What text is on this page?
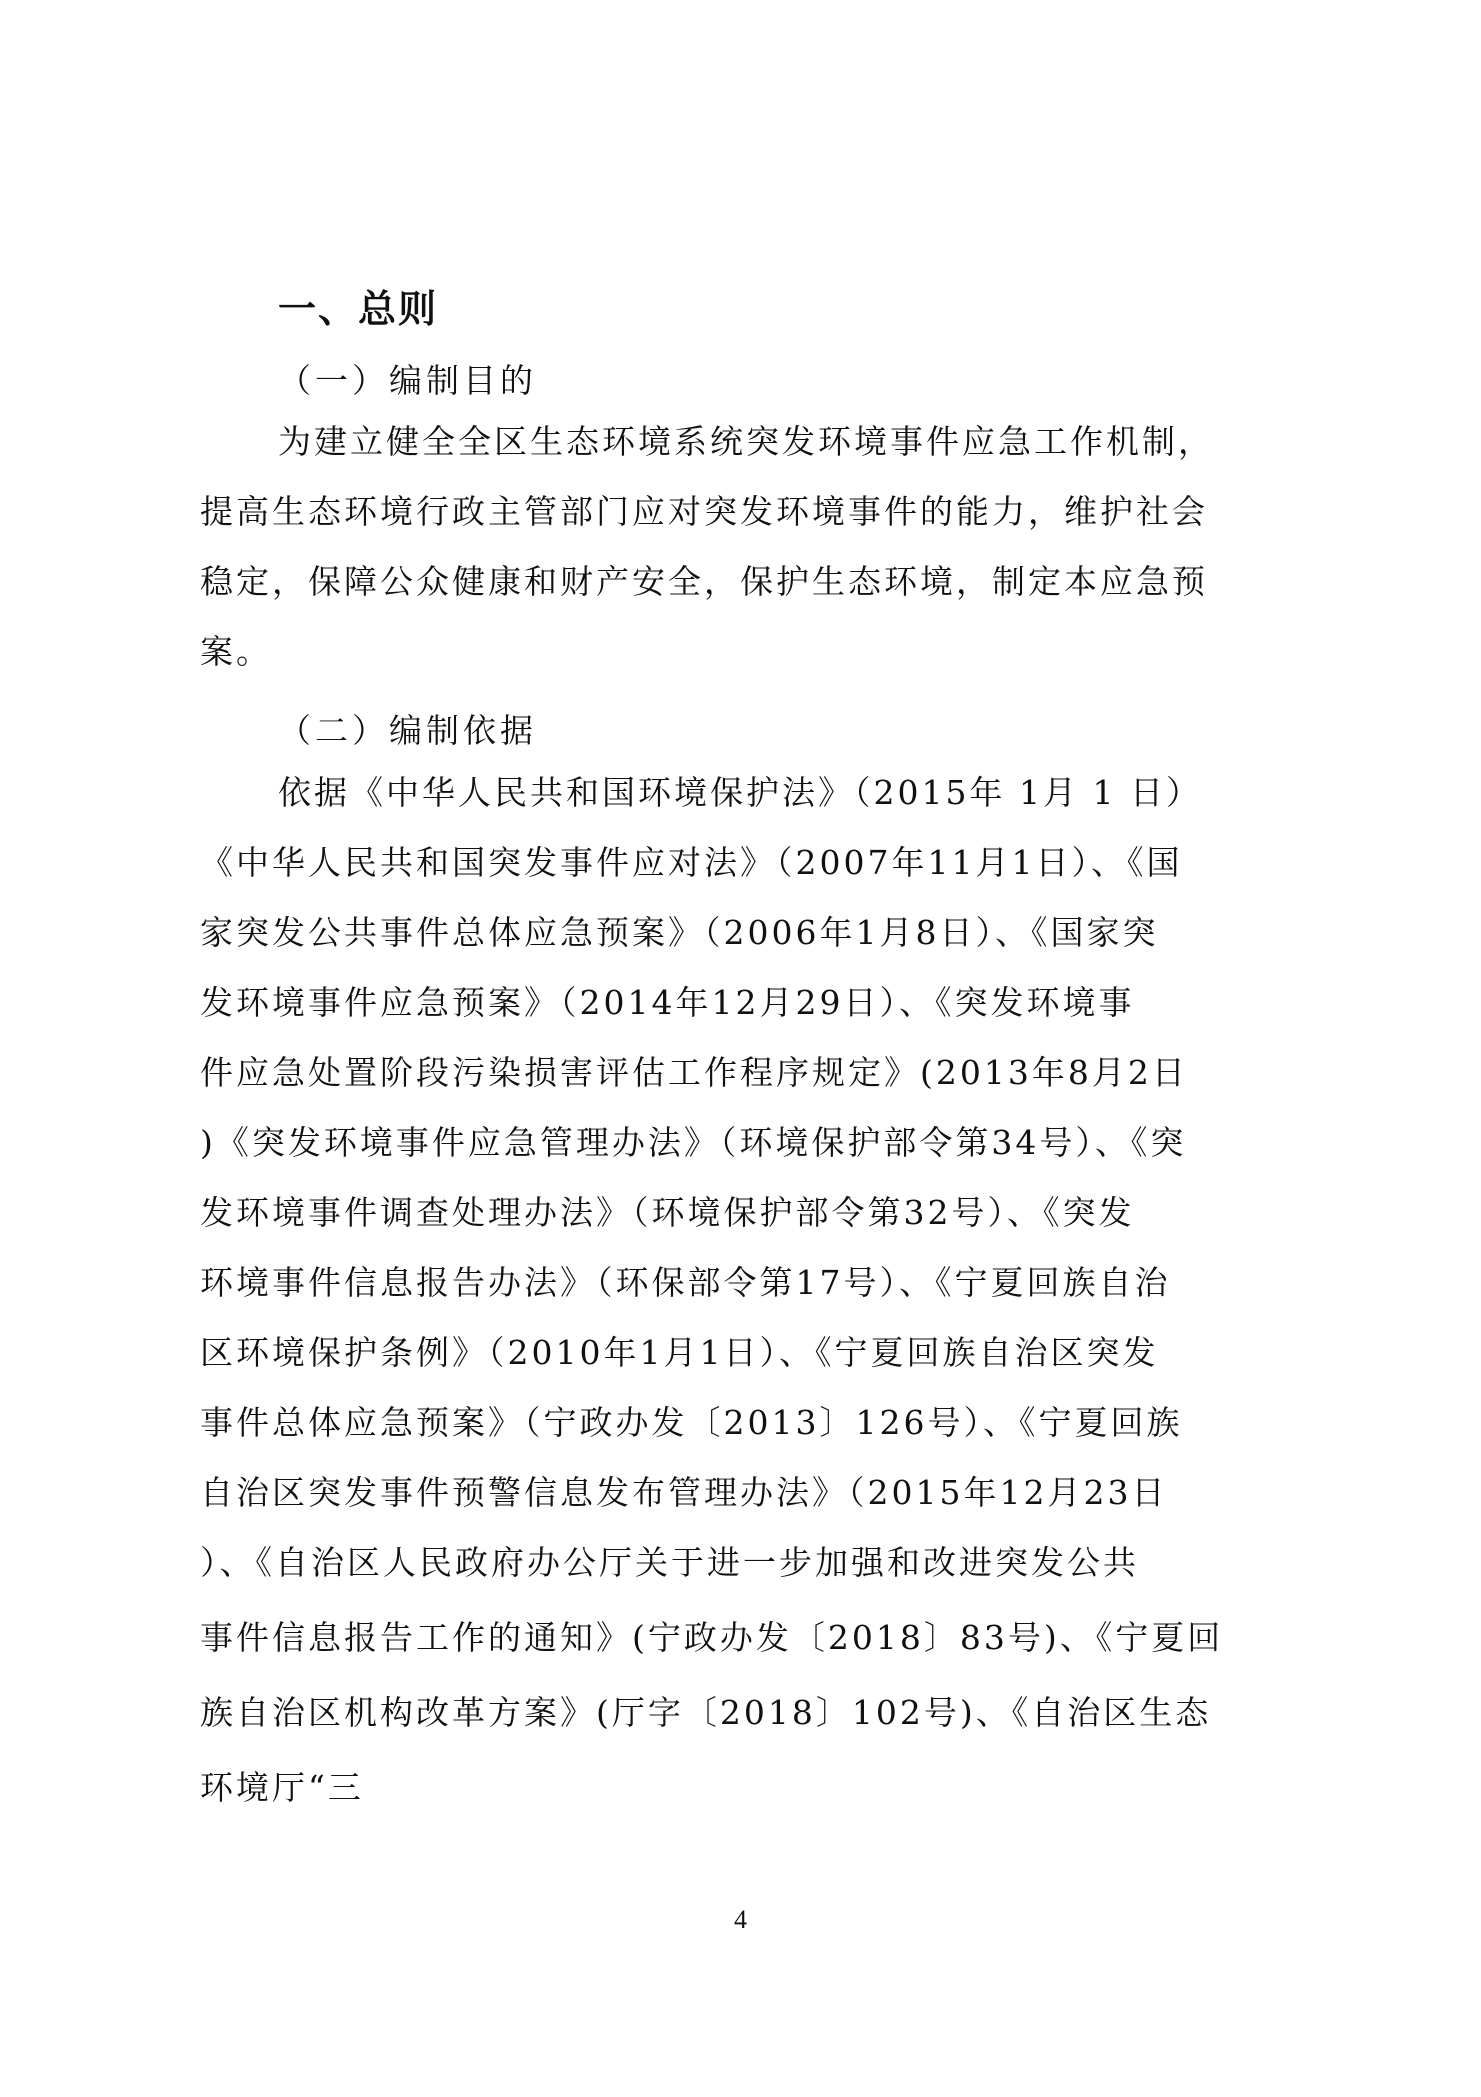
一、总则

（一）编制目的

为建立健全全区生态环境系统突发环境事件应急工作机制，

提高生态环境行政主管部门应对突发环境事件的能力，维护社会

稳定，保障公众健康和财产安全，保护生态环境，制定本应急预

案。

（二）编制依据

依据《中华人民共和国环境保护法》（2015年 1月 1 日）

《中华人民共和国突发事件应对法》（2007年11月1日）、《国

家突发公共事件总体应急预案》（2006年1月8日）、《国家突

发环境事件应急预案》（2014年12月29日）、《突发环境事

件应急处置阶段污染损害评估工作程序规定》(2013年8月2日

)《突发环境事件应急管理办法》（环境保护部令第34号）、《突

发环境事件调查处理办法》（环境保护部令第32号）、《突发

环境事件信息报告办法》（环保部令第17号）、《宁夏回族自治

区环境保护条例》（2010年1月1日）、《宁夏回族自治区突发

事件总体应急预案》（宁政办发〔2013〕126号）、《宁夏回族

自治区突发事件预警信息发布管理办法》（2015年12月23日

）、《自治区人民政府办公厅关于进一步加强和改进突发公共

事件信息报告工作的通知》(宁政办发〔2018〕83号)、《宁夏回

族自治区机构改革方案》(厅字〔2018〕102号)、《自治区生态

环境厅“三

4
